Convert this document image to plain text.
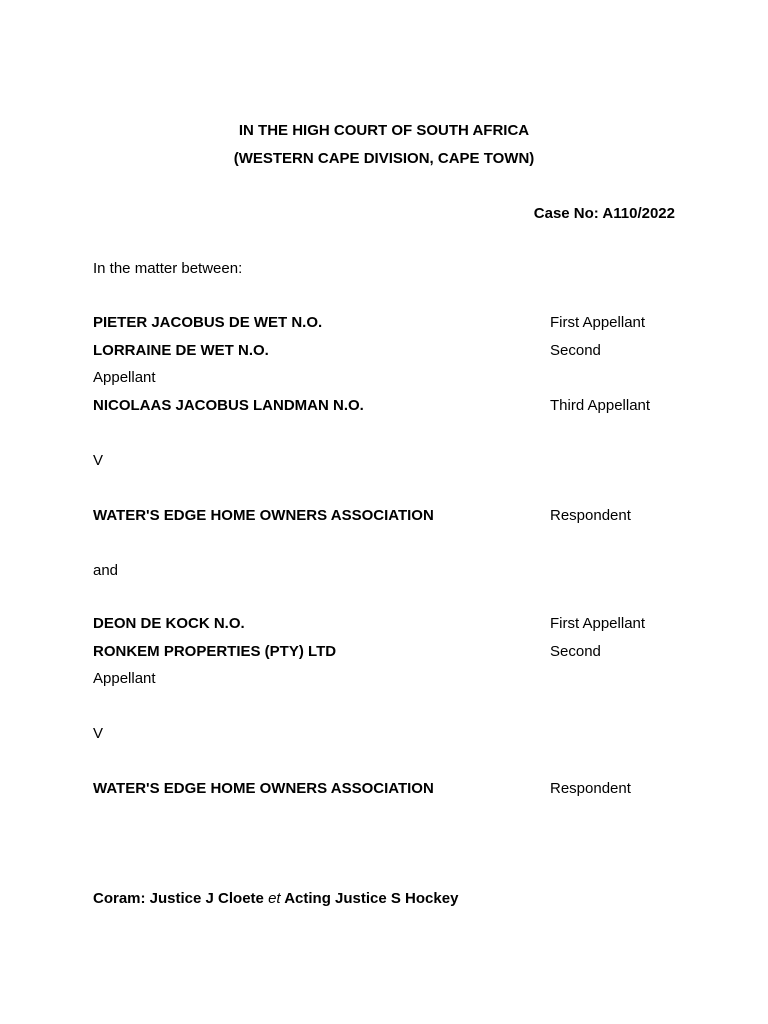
IN THE HIGH COURT OF SOUTH AFRICA
(WESTERN CAPE DIVISION, CAPE TOWN)
Case No: A110/2022
In the matter between:
PIETER JACOBUS DE WET N.O.	First Appellant
LORRAINE DE WET N.O.	Second
Appellant
NICOLAAS JACOBUS LANDMAN N.O.	Third Appellant
V
WATER'S EDGE HOME OWNERS ASSOCIATION	Respondent
and
DEON DE KOCK N.O.	First Appellant
RONKEM PROPERTIES (PTY) LTD	Second
Appellant
V
WATER'S EDGE HOME OWNERS ASSOCIATION	Respondent
Coram: Justice J Cloete et Acting Justice S Hockey
